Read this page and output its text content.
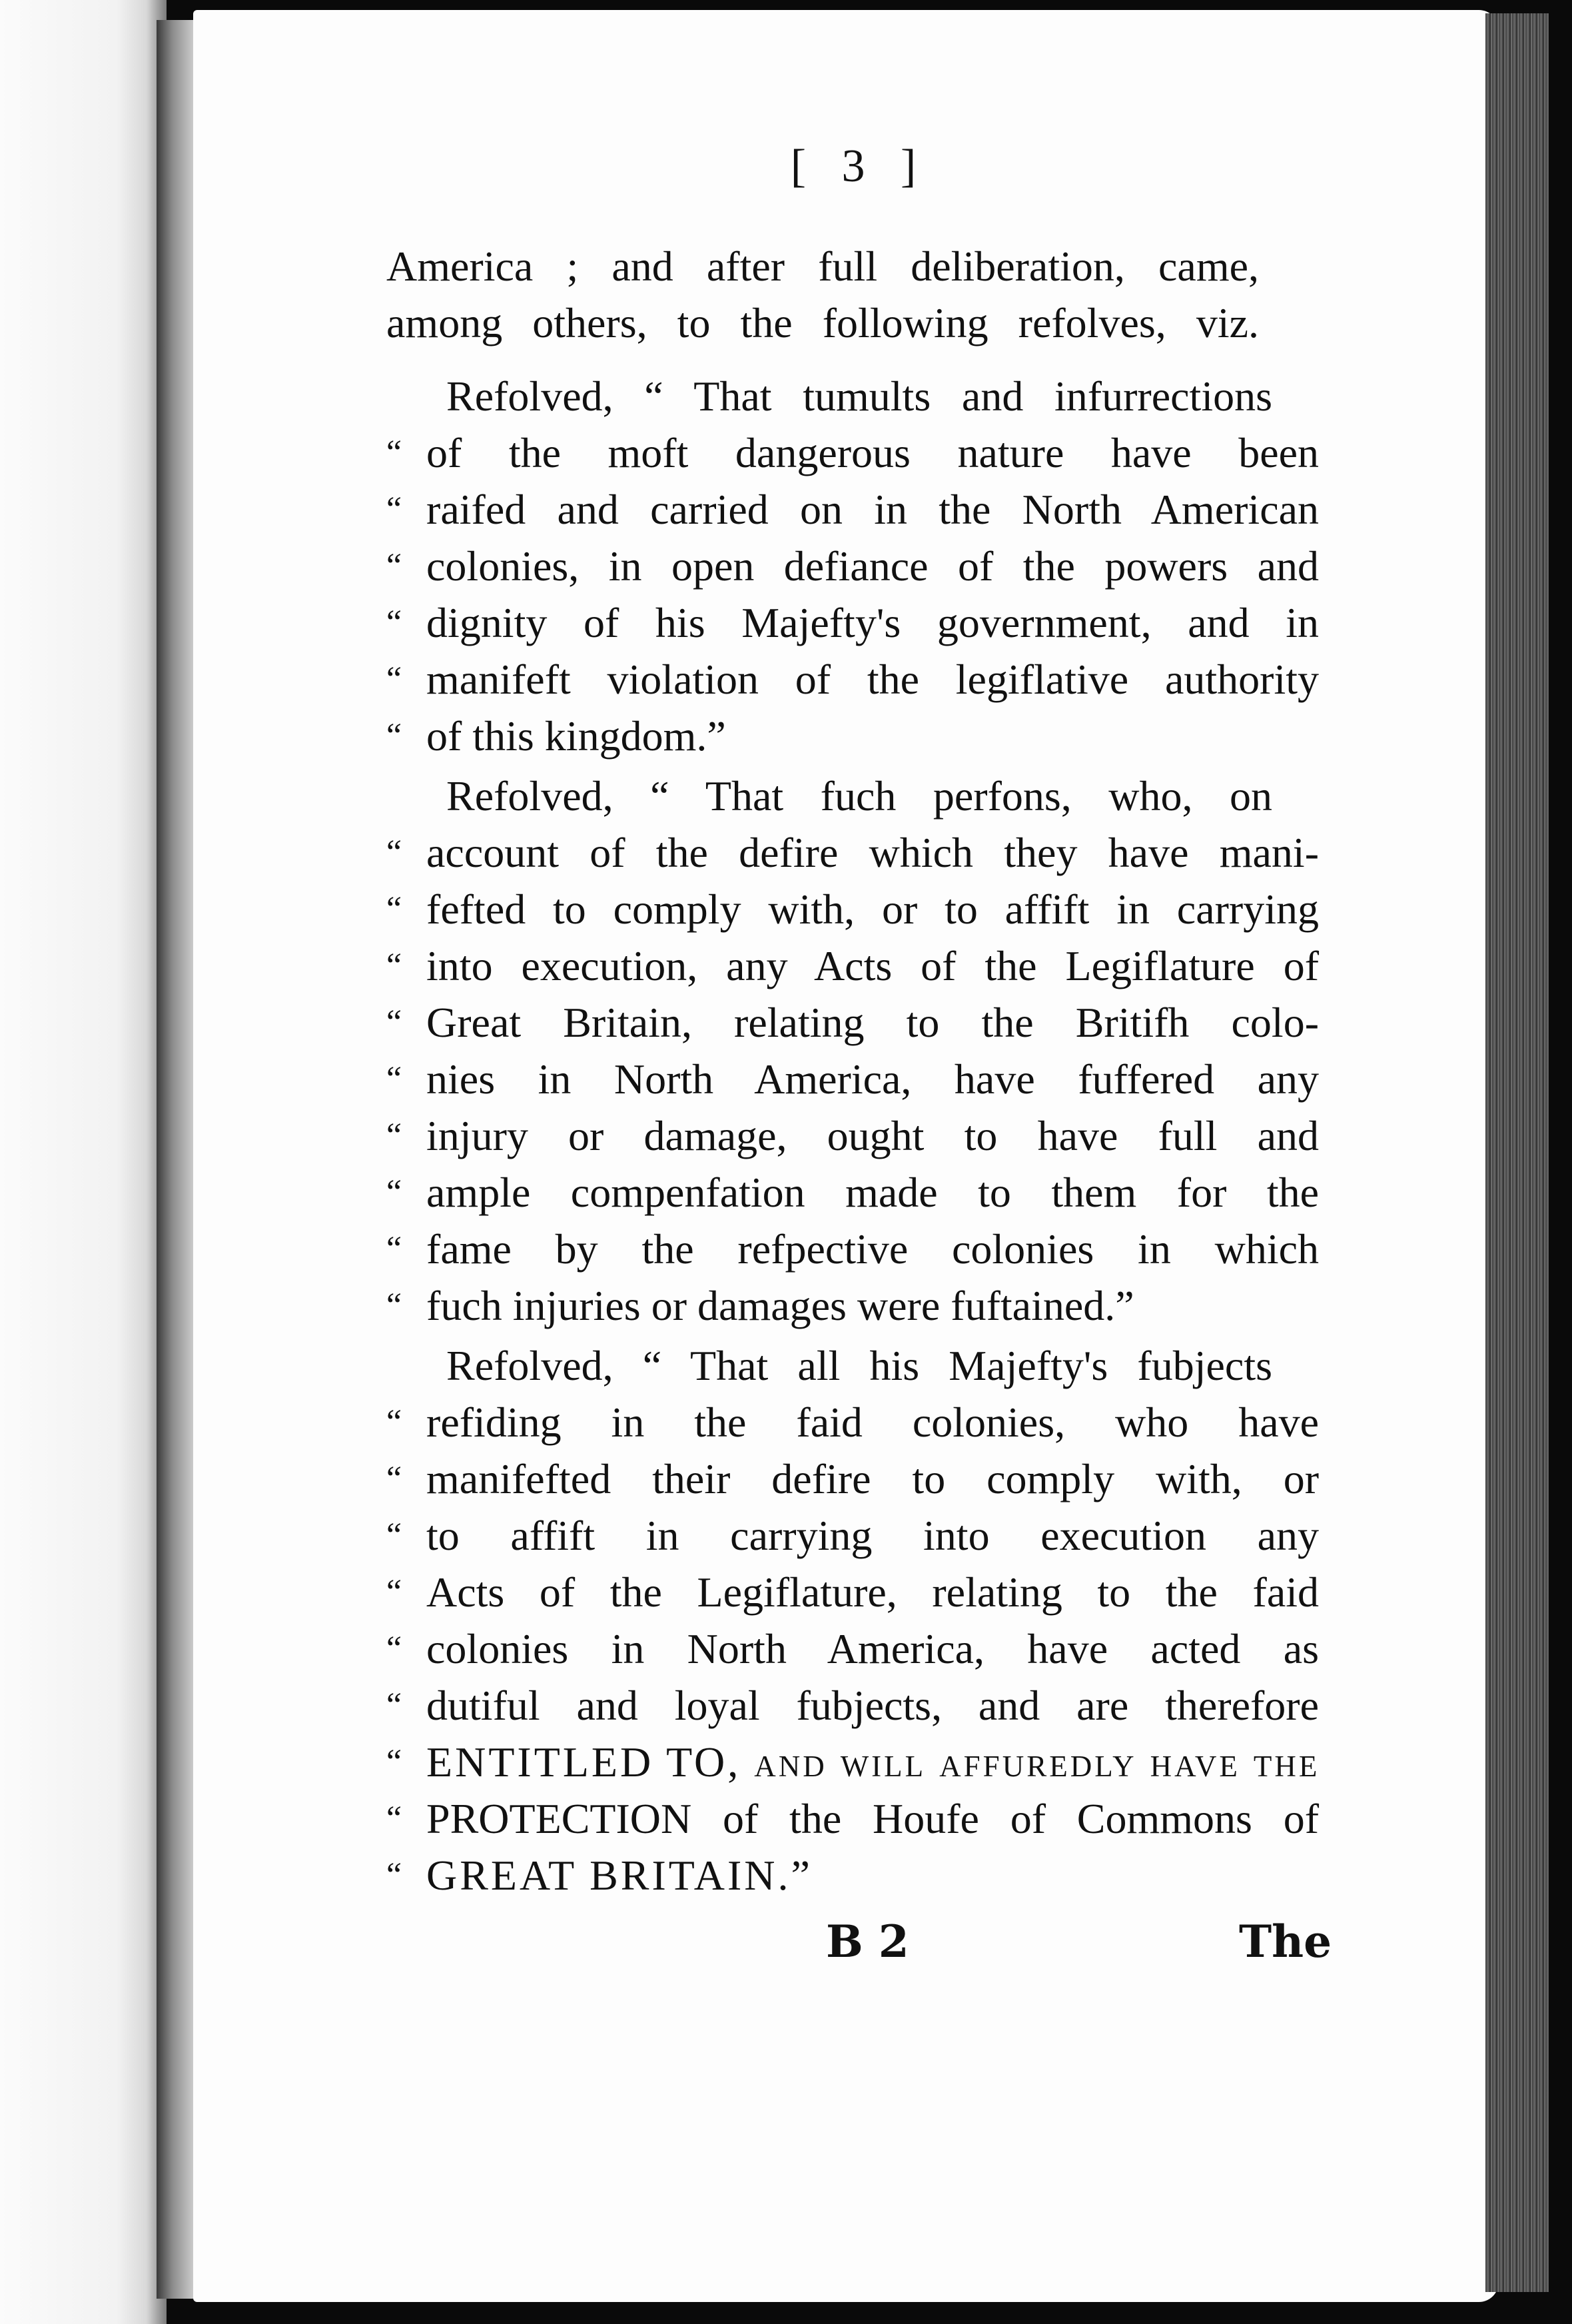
[ 3 ]
America ; and after full deliberation, came,
among others, to the following refolves, viz.
Refolved, “ That tumults and infurrections
“ of the moft dangerous nature have been
“ raifed and carried on in the North American
“ colonies, in open defiance of the powers and
“ dignity of his Majefty's government, and in
“ manifeft violation of the legiflative authority
“ of this kingdom.”
Refolved, “ That fuch perfons, who, on
“ account of the defire which they have mani-
“ fefted to comply with, or to affift in carrying
“ into execution, any Acts of the Legiflature of
“ Great Britain, relating to the Britifh colo-
“ nies in North America, have fuffered any
“ injury or damage, ought to have full and
“ ample compenfation made to them for the
“ fame by the refpective colonies in which
“ fuch injuries or damages were fuftained.”
Refolved, “ That all his Majefty's fubjects
“ refiding in the faid colonies, who have
“ manifefted their defire to comply with, or
“ to affift in carrying into execution any
“ Acts of the Legiflature, relating to the faid
“ colonies in North America, have acted as
“ dutiful and loyal fubjects, and are therefore
“ ENTITLED TO, and will affuredly have the
“ PROTECTION of the Houfe of Commons of
“ GREAT BRITAIN.”
B 2	The
